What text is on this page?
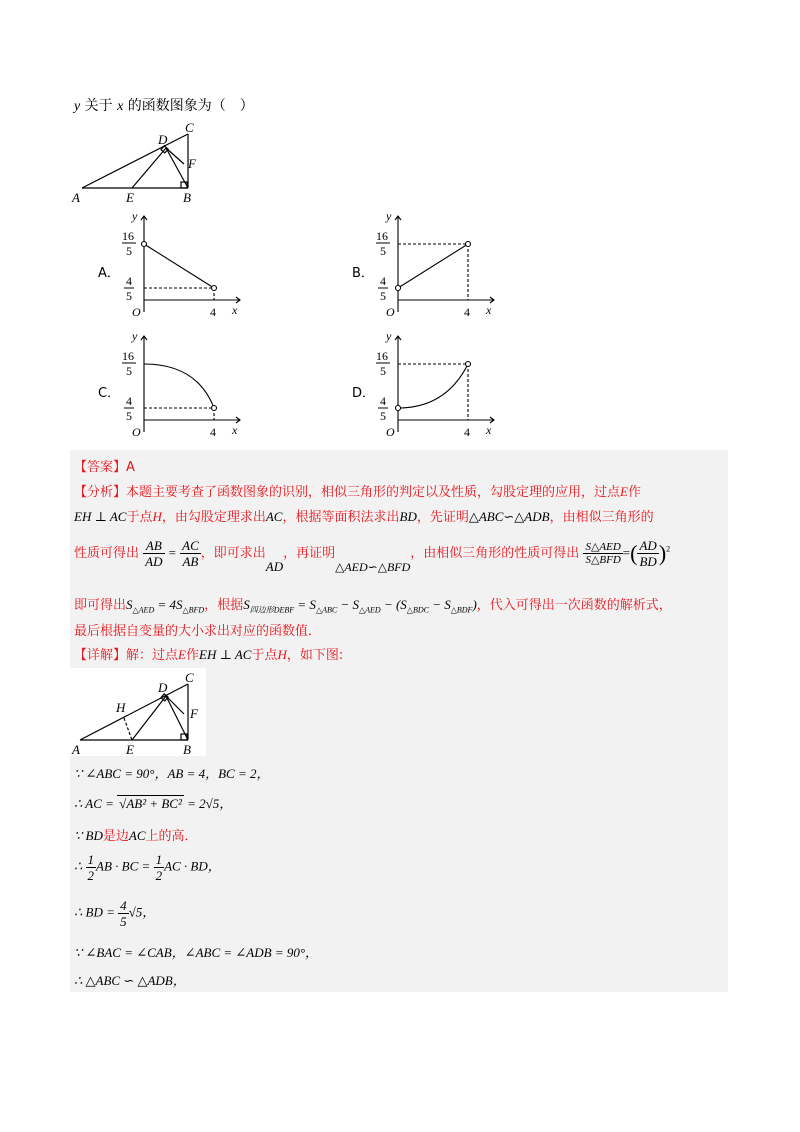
y 关于 x 的函数图象为（　）
A	E	B
C
D
F
A．	B．
C．	D．
y
16
5
4
5
O	4 x
y
16
5
4
5
O	4 x
y
16
5
4
5
O	4 x
y
16
5
4
5
O	4 x
【答案】A
【分析】本题主要考查了函数图象的识别，相似三角形的判定以及性质，勾股定理的应用，过点E作
EH ⊥ AC于点H，由勾股定理求出AC，根据等面积法求出BD，先证明△ABC∽△ADB，由相似三角形的
性质可得出 $\frac{AB}{AD} = \frac{AC}{AB}$ ，即可求出AD，再证明△AED∽△BFD，由相似三角形的性质可得出 $\frac{\text{S△AED}}{\text{S△BFD}}$ =( $\frac{AD}{BD} )^2$
即可得出$S_{\triangle AED} = 4S_{\triangle BFD}$，根据$S_{四边形DEBF} = S_{\triangle ABC} - S_{\triangle AED} - (S_{\triangle BDC} - S_{\triangle BDF})$，代入可得出一次函数的解析式，
最后根据自变量的大小求出对应的函数值．
【详解】解：过点E作EH ⊥ AC于点H，如下图:
A	E	B
C
D
F
H
∵ ∠ABC = 90°，AB = 4，BC = 2，
∴ AC = √AB² + BC² = 2√5，
∵ BD是边AC上的高．
∴ $\frac{1}{2}$ AB · BC = $\frac{1}{2}$ AC · BD，
∴ BD = $\frac{4}{5} √5$，
∵ ∠BAC = ∠CAB，∠ABC = ∠ADB = 90°，
∴ △ABC ∽ △ADB，
